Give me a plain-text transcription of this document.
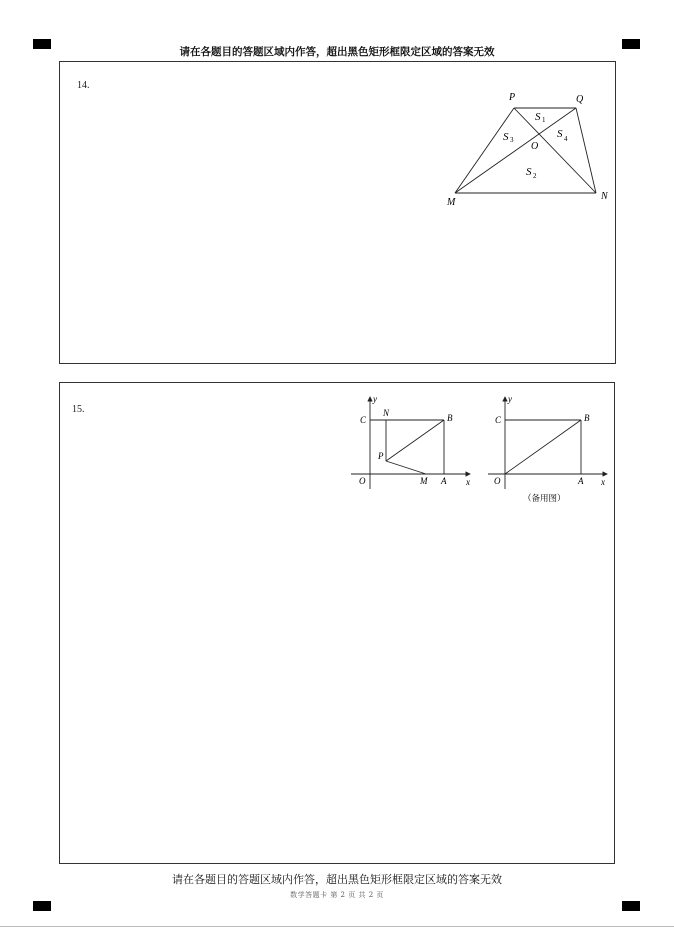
请在各题目的答题区域内作答，超出黑色矩形框限定区域的答案无效
14.
P	Q
M
N
O
S 1
S 3	S 4
S 2
15.
y
x
C
N	B
P
O	M A
y
x
C	B
O	A
（备用图）
请在各题目的答题区域内作答，超出黑色矩形框限定区域的答案无效
数学答题卡 第 2 页 共 2 页
